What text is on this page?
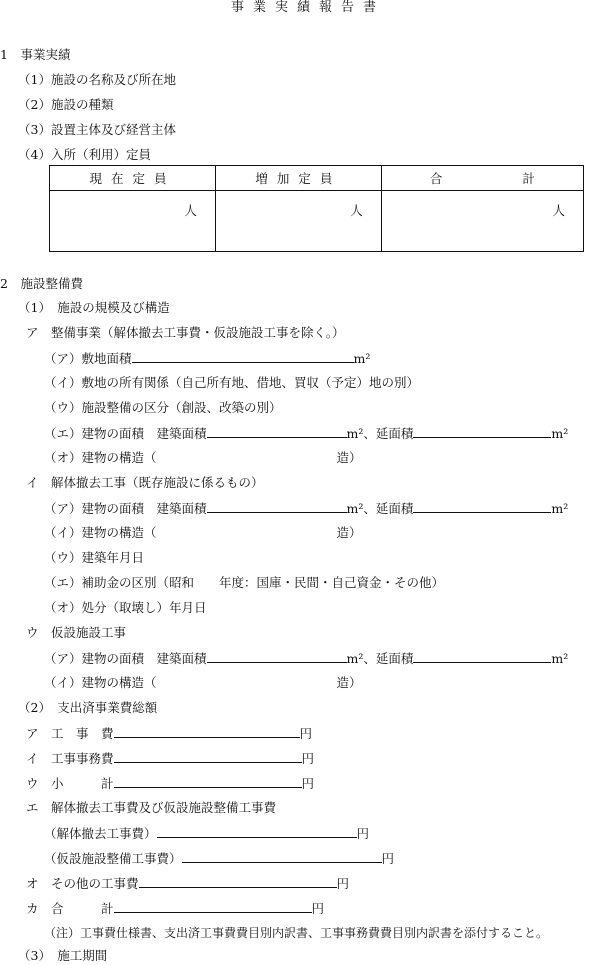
事業実績報告書
1　事業実績
（1）施設の名称及び所在地
（2）施設の種類
（3）設置主体及び経営主体
（4）入所（利用）定員
現在定員	増加定員	合 計
人	人	人
2　施設整備費
（1）　施設の規模及び構造
ア　整備事業（解体撤去工事費・仮設施設工事を除く。）
（ア）敷地面積	m²
（イ）敷地の所有関係（自己所有地、借地、買収（予定）地の別）
（ウ）施設整備の区分（創設、改築の別）
（エ）建物の面積　建築面積	m²、延面積	m²
（オ）建物の構造（	造）
イ　解体撤去工事（既存施設に係るもの）
（ア）建物の面積　建築面積	m²、延面積	m²
（イ）建物の構造（	造）
（ウ）建築年月日
（エ）補助金の区別（昭和　　年度：国庫・民間・自己資金・その他）
（オ）処分（取壊し）年月日
ウ　仮設施設工事
（ア）建物の面積　建築面積	m²、延面積	m²
（イ）建物の構造（	造）
（2）　支出済事業費総額
ア　工　事　費	円
イ　工事事務費	円
ウ　小　　　計	円
エ　解体撤去工事費及び仮設施設整備工事費
（解体撤去工事費）	円
（仮設施設整備工事費）	円
オ　その他の工事費	円
カ　合　　　計	円
（注）工事費仕様書、支出済工事費費目別内訳書、工事事務費費目別内訳書を添付すること。
（3）　施工期間
